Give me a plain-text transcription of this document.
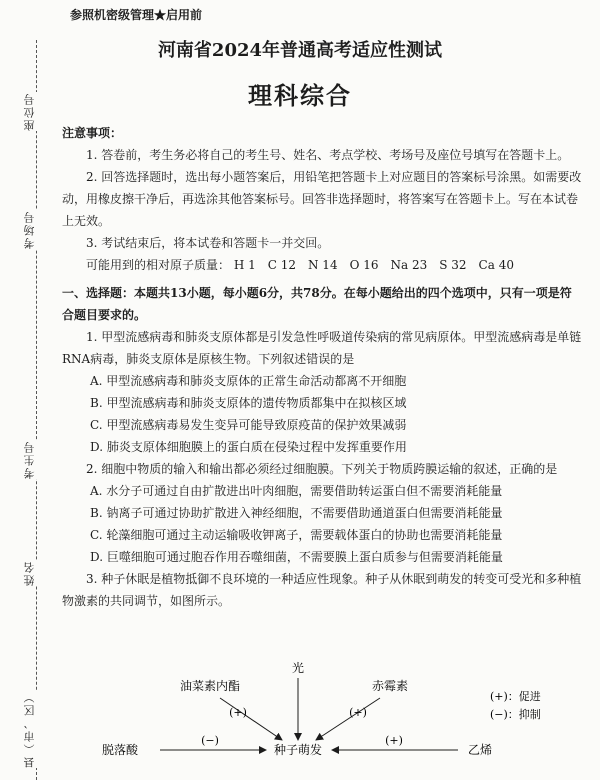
参照机密级管理★启用前
座位号
考场号
考生号
姓名
县（市、区）
河南省2024年普通高考适应性测试
理科综合

注意事项：

1. 答卷前，考生务必将自己的考生号、姓名、考点学校、考场号及座位号填写在答题卡上。

2. 回答选择题时，选出每小题答案后，用铅笔把答题卡上对应题目的答案标号涂黑。如需要改动，用橡皮擦干净后，再选涂其他答案标号。回答非选择题时，将答案写在答题卡上。写在本试卷上无效。

3. 考试结束后，将本试卷和答题卡一并交回。

可能用到的相对原子质量： H 1　C 12　N 14　O 16　Na 23　S 32　Ca 40

一、选择题：本题共13小题，每小题6分，共78分。在每小题给出的四个选项中，只有一项是符合题目要求的。

1. 甲型流感病毒和肺炎支原体都是引发急性呼吸道传染病的常见病原体。甲型流感病毒是单链RNA病毒，肺炎支原体是原核生物。下列叙述错误的是

A. 甲型流感病毒和肺炎支原体的正常生命活动都离不开细胞

B. 甲型流感病毒和肺炎支原体的遗传物质都集中在拟核区域

C. 甲型流感病毒易发生变异可能导致原疫苗的保护效果减弱

D. 肺炎支原体细胞膜上的蛋白质在侵染过程中发挥重要作用

2. 细胞中物质的输入和输出都必须经过细胞膜。下列关于物质跨膜运输的叙述，正确的是

A. 水分子可通过自由扩散进出叶肉细胞，需要借助转运蛋白但不需要消耗能量

B. 钠离子可通过协助扩散进入神经细胞，不需要借助通道蛋白但需要消耗能量

C. 轮藻细胞可通过主动运输吸收钾离子，需要载体蛋白的协助也需要消耗能量

D. 巨噬细胞可通过胞吞作用吞噬细菌，不需要膜上蛋白质参与但需要消耗能量

3. 种子休眠是植物抵御不良环境的一种适应性现象。种子从休眠到萌发的转变可受光和多种植物激素的共同调节，如图所示。

光
油菜素内酯	赤霉素
脱落酸	乙烯
种子萌发
(+)	(+)
(−)	(+)
(+)：促进
(−)：抑制
